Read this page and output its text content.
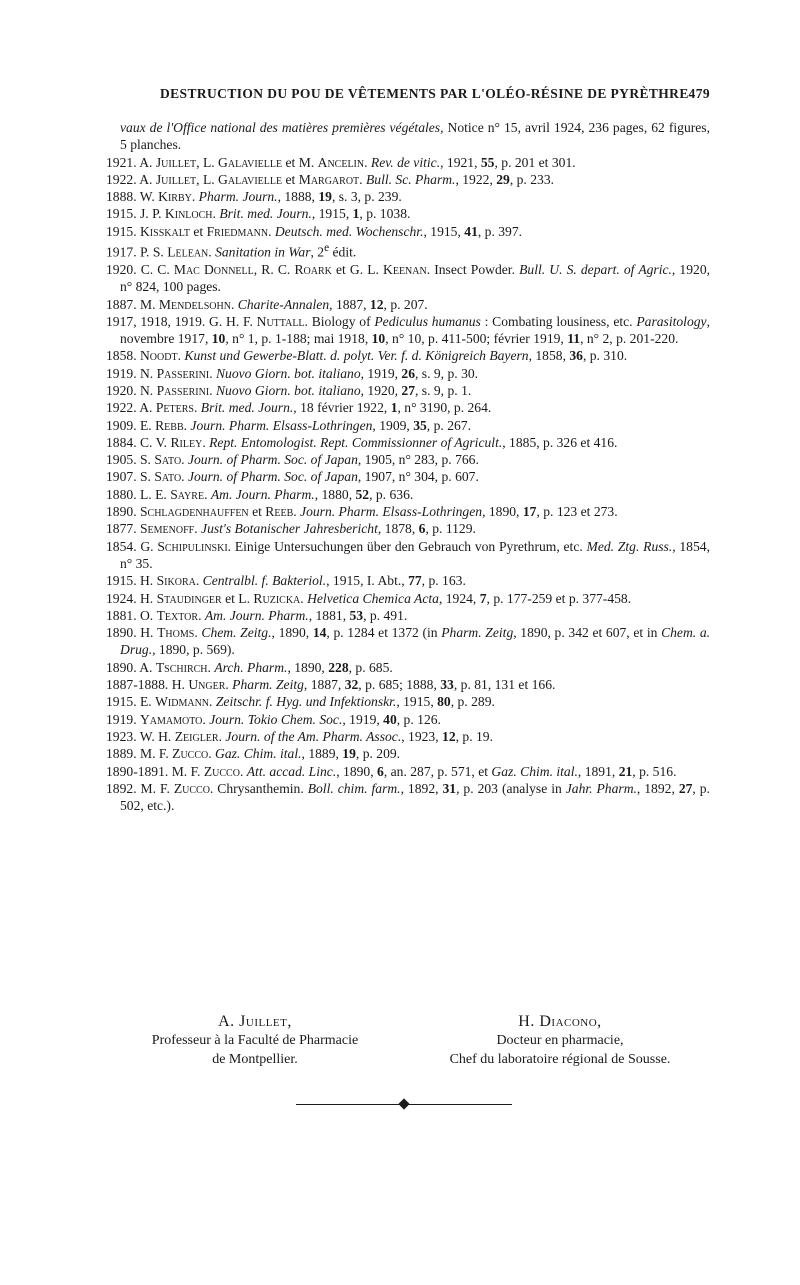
DESTRUCTION DU POU DE VÊTEMENTS PAR L'OLÉO-RÉSINE DE PYRÈTHRE 479

vaux de l'Office national des matières premières végétales, Notice n° 15, avril 1924, 236 pages, 62 figures, 5 planches.

1921. A. Juillet, L. Galavielle et M. Ancelin. Rev. de vitic., 1921, 55, p. 201 et 301.

1922. A. Juillet, L. Galavielle et Margarot. Bull. Sc. Pharm., 1922, 29, p. 233.

1888. W. Kirby. Pharm. Journ., 1888, 19, s. 3, p. 239.

1915. J. P. Kinloch. Brit. med. Journ., 1915, 1, p. 1038.

1915. Kisskalt et Friedmann. Deutsch. med. Wochenschr., 1915, 41, p. 397.

1917. P. S. Lelean. Sanitation in War, 2e édit.

1920. C. C. Mac Donnell, R. C. Roark et G. L. Keenan. Insect Powder. Bull. U. S. depart. of Agric., 1920, n° 824, 100 pages.

1887. M. Mendelsohn. Charite-Annalen, 1887, 12, p. 207.

1917, 1918, 1919. G. H. F. Nuttall. Biology of Pediculus humanus : Combating lousiness, etc. Parasitology, novembre 1917, 10, n° 1, p. 1-188; mai 1918, 10, n° 10, p. 411-500; février 1919, 11, n° 2, p. 201-220.

1858. Noodt. Kunst und Gewerbe-Blatt. d. polyt. Ver. f. d. Königreich Bayern, 1858, 36, p. 310.

1919. N. Passerini. Nuovo Giorn. bot. italiano, 1919, 26, s. 9, p. 30.

1920. N. Passerini. Nuovo Giorn. bot. italiano, 1920, 27, s. 9, p. 1.

1922. A. Peters. Brit. med. Journ., 18 février 1922, 1, n° 3190, p. 264.

1909. E. Rebb. Journ. Pharm. Elsass-Lothringen, 1909, 35, p. 267.

1884. C. V. Riley. Rept. Entomologist. Rept. Commissionner of Agricult., 1885, p. 326 et 416.

1905. S. Sato. Journ. of Pharm. Soc. of Japan, 1905, n° 283, p. 766.

1907. S. Sato. Journ. of Pharm. Soc. of Japan, 1907, n° 304, p. 607.

1880. L. E. Sayre. Am. Journ. Pharm., 1880, 52, p. 636.

1890. Schlagdenhauffen et Reeb. Journ. Pharm. Elsass-Lothringen, 1890, 17, p. 123 et 273.

1877. Semenoff. Just's Botanischer Jahresbericht, 1878, 6, p. 1129.

1854. G. Schipulinski. Einige Untersuchungen über den Gebrauch von Pyrethrum, etc. Med. Ztg. Russ., 1854, n° 35.

1915. H. Sikora. Centralbl. f. Bakteriol., 1915, I. Abt., 77, p. 163.

1924. H. Staudinger et L. Ruzicka. Helvetica Chemica Acta, 1924, 7, p. 177-259 et p. 377-458.

1881. O. Textor. Am. Journ. Pharm., 1881, 53, p. 491.

1890. H. Thoms. Chem. Zeitg., 1890, 14, p. 1284 et 1372 (in Pharm. Zeitg, 1890, p. 342 et 607, et in Chem. a. Drug., 1890, p. 569).

1890. A. Tschirch. Arch. Pharm., 1890, 228, p. 685.

1887-1888. H. Unger. Pharm. Zeitg, 1887, 32, p. 685; 1888, 33, p. 81, 131 et 166.

1915. E. Widmann. Zeitschr. f. Hyg. und Infektionskr., 1915, 80, p. 289.

1919. Yamamoto. Journ. Tokio Chem. Soc., 1919, 40, p. 126.

1923. W. H. Zeigler. Journ. of the Am. Pharm. Assoc., 1923, 12, p. 19.

1889. M. F. Zucco. Gaz. Chim. ital., 1889, 19, p. 209.

1890-1891. M. F. Zucco. Att. accad. Linc., 1890, 6, an. 287, p. 571, et Gaz. Chim. ital., 1891, 21, p. 516.

1892. M. F. Zucco. Chrysanthemin. Boll. chim. farm., 1892, 31, p. 203 (analyse in Jahr. Pharm., 1892, 27, p. 502, etc.).

A. Juillet,
Professeur à la Faculté de Pharmacie
de Montpellier.
H. Diacono,
Docteur en pharmacie,
Chef du laboratoire régional de Sousse.
